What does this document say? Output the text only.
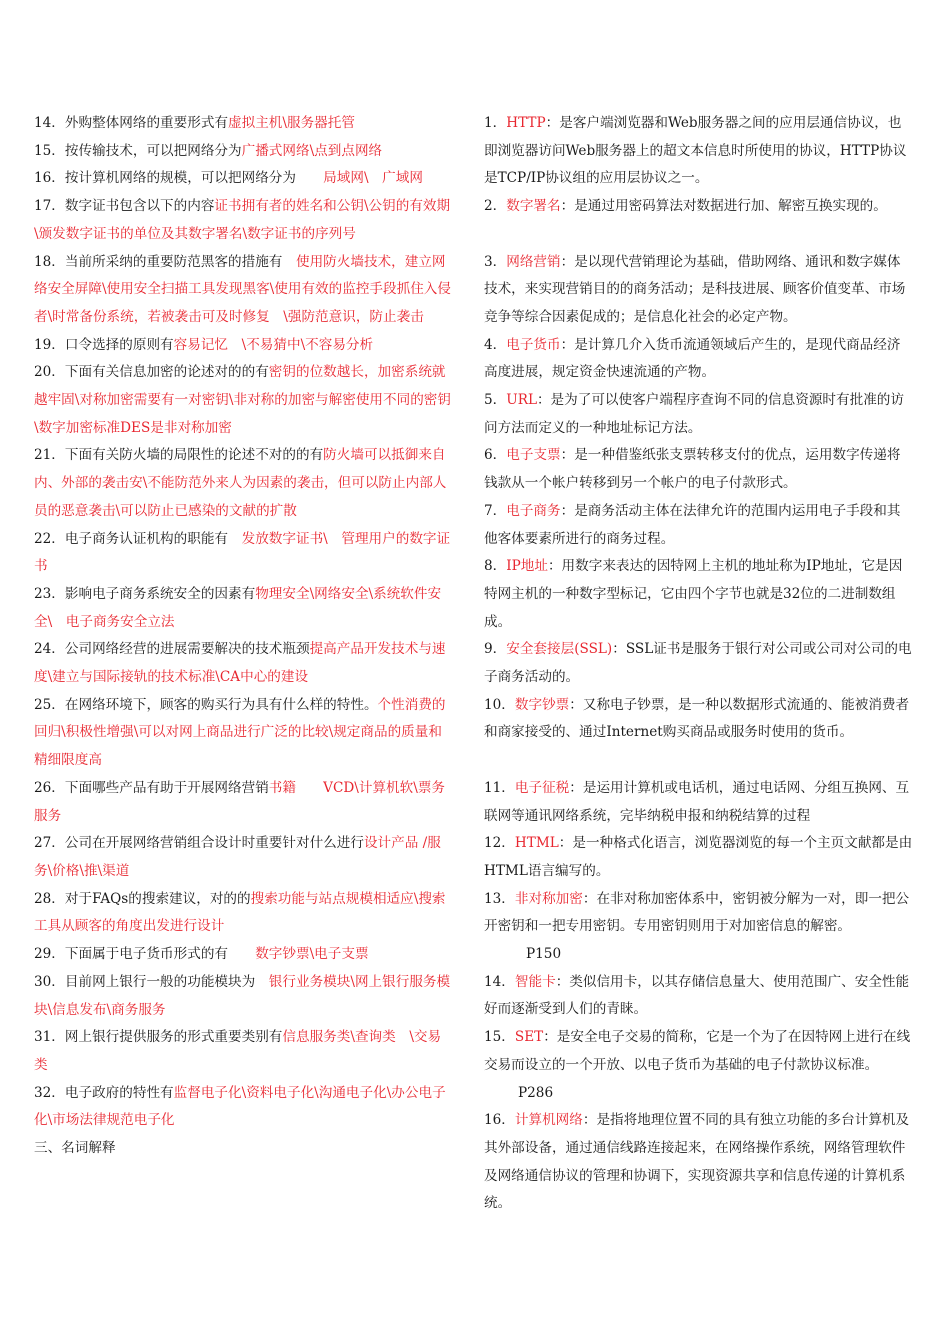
14．外购整体网络的重要形式有虚拟主机\服务器托管

15．按传输技术，可以把网络分为广播式网络\点到点网络

16．按计算机网络的规模，可以把网络分为　　局域网\　广域网

17．数字证书包含以下的内容证书拥有者的姓名和公钥\公钥的有效期\颁发数字证书的单位及其数字署名\数字证书的序列号

18．当前所采纳的重要防范黑客的措施有　使用防火墙技术，建立网络安全屏障\使用安全扫描工具发现黑客\使用有效的监控手段抓住入侵者\时常备份系统，若被袭击可及时修复　\强防范意识，防止袭击

19．口令选择的原则有容易记忆　\不易猜中\不容易分析

20．下面有关信息加密的论述对的的有密钥的位数越长，加密系统就越牢固\对称加密需要有一对密钥\非对称的加密与解密使用不同的密钥\数字加密标准DES是非对称加密

21．下面有关防火墙的局限性的论述不对的的有防火墙可以抵御来自内、外部的袭击安\不能防范外来人为因素的袭击，但可以防止内部人员的恶意袭击\可以防止已感染的文献的扩散

22．电子商务认证机构的职能有　发放数字证书\　管理用户的数字证书

23．影响电子商务系统安全的因素有物理安全\网络安全\系统软件安全\　电子商务安全立法

24．公司网络经营的进展需要解决的技术瓶颈提高产品开发技术与速度\建立与国际接轨的技术标准\CA中心的建设

25．在网络环境下，顾客的购买行为具有什么样的特性。个性消费的回归\积极性增强\可以对网上商品进行广泛的比较\规定商品的质量和精细限度高

26．下面哪些产品有助于开展网络营销书籍　　VCD\计算机软\票务服务

27．公司在开展网络营销组合设计时重要针对什么进行设计产品 /服务\价格\推\渠道

28．对于FAQs的搜索建议，对的的搜索功能与站点规模相适应\搜索工具从顾客的角度出发进行设计

29．下面属于电子货币形式的有　　数字钞票\电子支票

30．目前网上银行一般的功能模块为　银行业务模块\网上银行服务模块\信息发布\商务服务

31．网上银行提供服务的形式重要类别有信息服务类\查询类　\交易类

32．电子政府的特性有监督电子化\资料电子化\沟通电子化\办公电子化\市场法律规范电子化

三、名词解释

1．HTTP：是客户端浏览器和Web服务器之间的应用层通信协议，也即浏览器访问Web服务器上的超文本信息时所使用的协议，HTTP协议是TCP/IP协议组的应用层协议之一。

2．数字署名：是通过用密码算法对数据进行加、解密互换实现的。

3．网络营销：是以现代营销理论为基础，借助网络、通讯和数字媒体技术，来实现营销目的的商务活动；是科技进展、顾客价值变革、市场竞争等综合因素促成的；是信息化社会的必定产物。

4．电子货币：是计算几介入货币流通领域后产生的，是现代商品经济高度进展，规定资金快速流通的产物。

5．URL：是为了可以使客户端程序查询不同的信息资源时有批准的访问方法而定义的一种地址标记方法。

6．电子支票：是一种借鉴纸张支票转移支付的优点，运用数字传递将钱款从一个帐户转移到另一个帐户的电子付款形式。

7．电子商务：是商务活动主体在法律允许的范围内运用电子手段和其他客体要素所进行的商务过程。

8．IP地址：用数字来表达的因特网上主机的地址称为IP地址，它是因特网主机的一种数字型标记，它由四个字节也就是32位的二进制数组成。

9．安全套接层(SSL)：SSL证书是服务于银行对公司或公司对公司的电子商务活动的。

10．数字钞票：又称电子钞票，是一种以数据形式流通的、能被消费者和商家接受的、通过Internet购买商品或服务时使用的货币。

11．电子征税：是运用计算机或电话机，通过电话网、分组互换网、互联网等通讯网络系统，完毕纳税申报和纳税结算的过程

12．HTML：是一种格式化语言，浏览器浏览的每一个主页文献都是由HTML语言编写的。

13．非对称加密：在非对称加密体系中，密钥被分解为一对，即一把公开密钥和一把专用密钥。专用密钥则用于对加密信息的解密。

P150

14．智能卡：类似信用卡，以其存储信息量大、使用范围广、安全性能好而逐渐受到人们的青睐。

15．SET：是安全电子交易的简称，它是一个为了在因特网上进行在线交易而设立的一个开放、以电子货币为基础的电子付款协议标准。P286

16．计算机网络：是指将地理位置不同的具有独立功能的多台计算机及其外部设备，通过通信线路连接起来，在网络操作系统，网络管理软件及网络通信协议的管理和协调下，实现资源共享和信息传递的计算机系统。
